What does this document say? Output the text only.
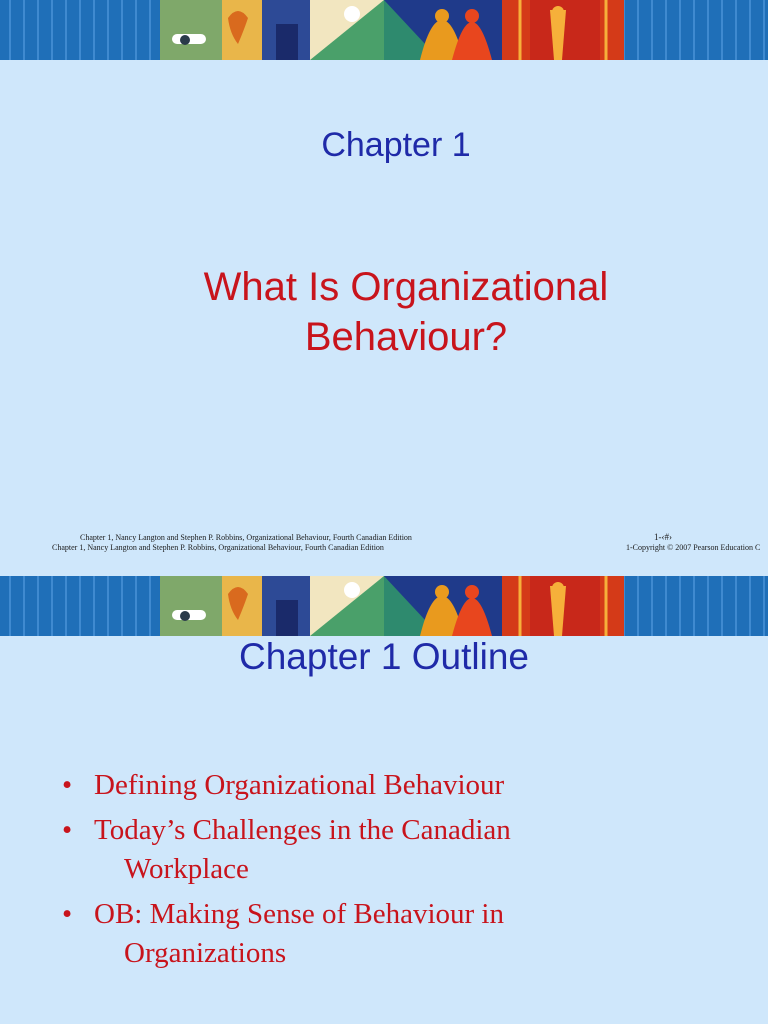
Chapter 1
What Is Organizational
Behaviour?
Chapter 1, Nancy Langton and Stephen P. Robbins, Organizational Behaviour, Fourth Canadian Edition	1-‹#›
Chapter 1, Nancy Langton and Stephen P. Robbins, Organizational Behaviour, Fourth Canadian Edition	1-Copyright © 2007 Pearson Education C
Chapter 1 Outline
• Defining Organizational Behaviour
• Today’s Challenges in the Canadian
Workplace
• OB: Making Sense of Behaviour in
Organizations
